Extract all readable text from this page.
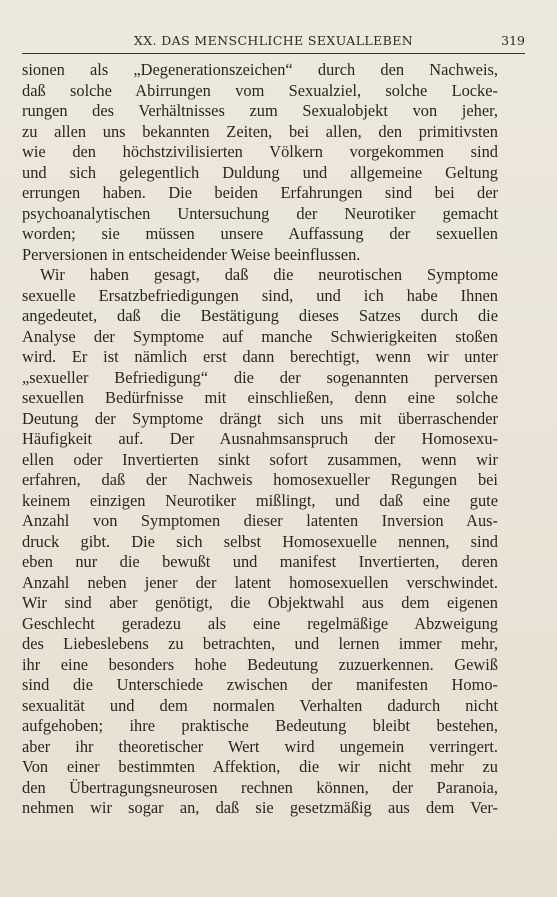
XX. DAS MENSCHLICHE SEXUALLEBEN	319
sionen als „Degenerationszeichen“ durch den Nachweis,
daß solche Abirrungen vom Sexualziel, solche Locke-
rungen des Verhältnisses zum Sexualobjekt von jeher,
zu allen uns bekannten Zeiten, bei allen, den primitivsten
wie den höchstzivilisierten Völkern vorgekommen sind
und sich gelegentlich Duldung und allgemeine Geltung
errungen haben. Die beiden Erfahrungen sind bei der
psychoanalytischen Untersuchung der Neurotiker gemacht
worden; sie müssen unsere Auffassung der sexuellen
Perversionen in entscheidender Weise beeinflussen.
Wir haben gesagt, daß die neurotischen Symptome
sexuelle Ersatzbefriedigungen sind, und ich habe Ihnen
angedeutet, daß die Bestätigung dieses Satzes durch die
Analyse der Symptome auf manche Schwierigkeiten stoßen
wird. Er ist nämlich erst dann berechtigt, wenn wir unter
„sexueller Befriedigung“ die der sogenannten perversen
sexuellen Bedürfnisse mit einschließen, denn eine solche
Deutung der Symptome drängt sich uns mit überraschender
Häufigkeit auf. Der Ausnahmsanspruch der Homosexu-
ellen oder Invertierten sinkt sofort zusammen, wenn wir
erfahren, daß der Nachweis homosexueller Regungen bei
keinem einzigen Neurotiker mißlingt, und daß eine gute
Anzahl von Symptomen dieser latenten Inversion Aus-
druck gibt. Die sich selbst Homosexuelle nennen, sind
eben nur die bewußt und manifest Invertierten, deren
Anzahl neben jener der latent homosexuellen verschwindet.
Wir sind aber genötigt, die Objektwahl aus dem eigenen
Geschlecht geradezu als eine regelmäßige Abzweigung
des Liebeslebens zu betrachten, und lernen immer mehr,
ihr eine besonders hohe Bedeutung zuzuerkennen. Gewiß
sind die Unterschiede zwischen der manifesten Homo-
sexualität und dem normalen Verhalten dadurch nicht
aufgehoben; ihre praktische Bedeutung bleibt bestehen,
aber ihr theoretischer Wert wird ungemein verringert.
Von einer bestimmten Affektion, die wir nicht mehr zu
den Übertragungsneurosen rechnen können, der Paranoia,
nehmen wir sogar an, daß sie gesetzmäßig aus dem Ver-
